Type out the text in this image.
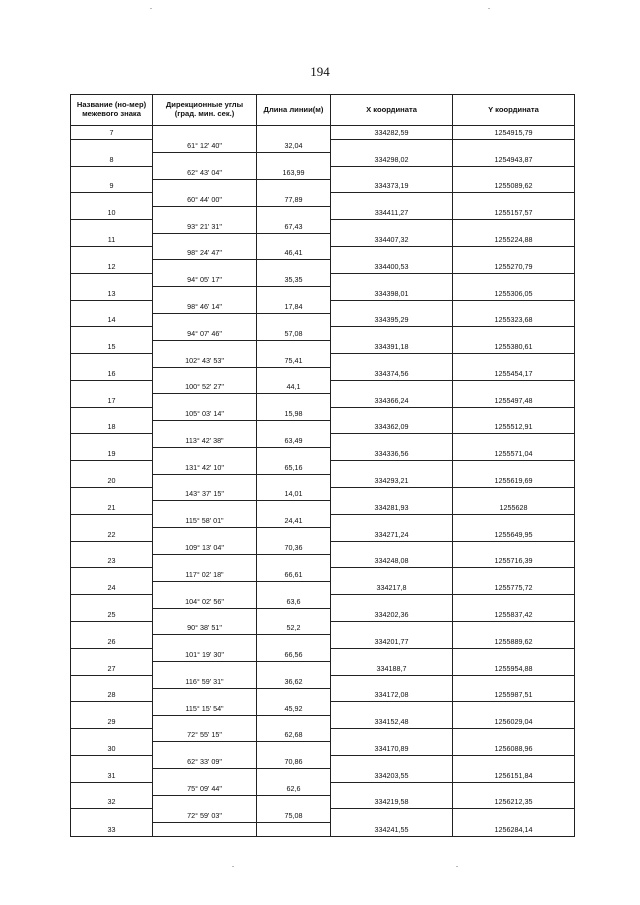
194
Название (но-мер) межевого знака	Дирекционные углы (град. мин. сек.)	Длина линии(м)	X координата	Y координата
7			334282,59	1254915,79
	61° 12' 40"	32,04		
8			334298,02	1254943,87
	62° 43' 04"	163,99		
9			334373,19	1255089,62
	60° 44' 00"	77,89		
10			334411,27	1255157,57
	93° 21' 31"	67,43		
11			334407,32	1255224,88
	98° 24' 47"	46,41		
12			334400,53	1255270,79
	94° 05' 17"	35,35		
13			334398,01	1255306,05
	98° 46' 14"	17,84		
14			334395,29	1255323,68
	94° 07' 46"	57,08		
15			334391,18	1255380,61
	102° 43' 53"	75,41		
16			334374,56	1255454,17
	100° 52' 27"	44,1		
17			334366,24	1255497,48
	105° 03' 14"	15,98		
18			334362,09	1255512,91
	113° 42' 38"	63,49		
19			334336,56	1255571,04
	131° 42' 10"	65,16		
20			334293,21	1255619,69
	143° 37' 15"	14,01		
21			334281,93	1255628
	115° 58' 01"	24,41		
22			334271,24	1255649,95
	109° 13' 04"	70,36		
23			334248,08	1255716,39
	117° 02' 18"	66,61		
24			334217,8	1255775,72
	104° 02' 56"	63,6		
25			334202,36	1255837,42
	90° 38' 51"	52,2		
26			334201,77	1255889,62
	101° 19' 30"	66,56		
27			334188,7	1255954,88
	116° 59' 31"	36,62		
28			334172,08	1255987,51
	115° 15' 54"	45,92		
29			334152,48	1256029,04
	72° 55' 15"	62,68		
30			334170,89	1256088,96
	62° 33' 09"	70,86		
31			334203,55	1256151,84
	75° 09' 44"	62,6		
32			334219,58	1256212,35
	72° 59' 03"	75,08		
33			334241,55	1256284,14
